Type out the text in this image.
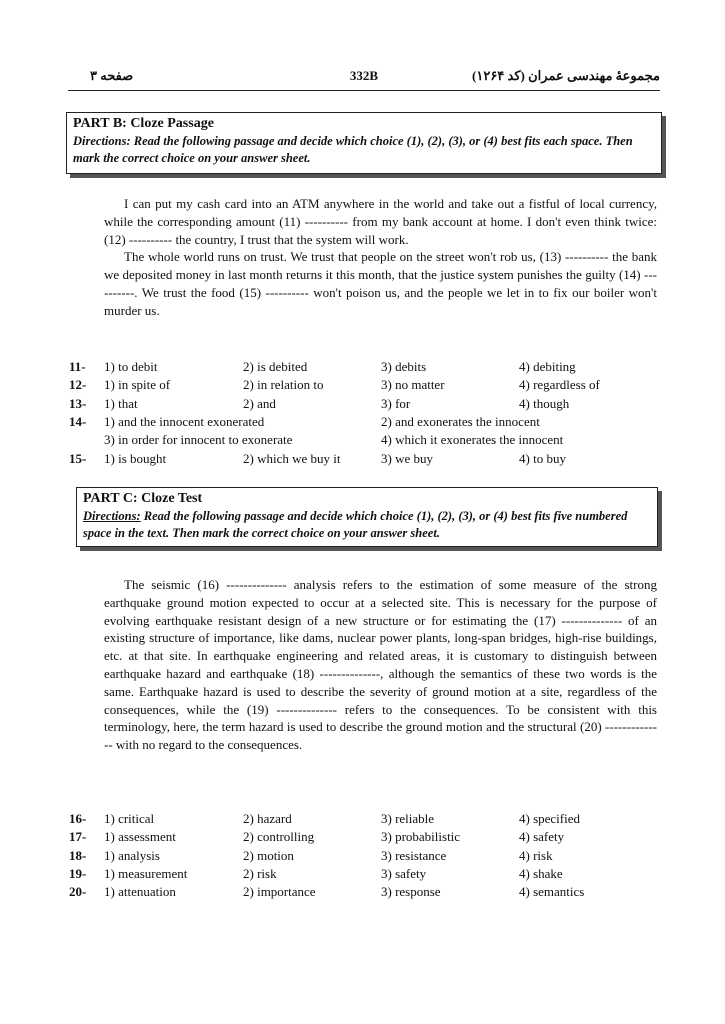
صفحه ۳	332B	مجموعهٔ مهندسی عمران (کد ۱۲۶۴)
PART B: Cloze Passage
Directions: Read the following passage and decide which choice (1), (2), (3), or (4) best fits each space. Then mark the correct choice on your answer sheet.

I can put my cash card into an ATM anywhere in the world and take out a fistful of local currency, while the corresponding amount (11) ---------- from my bank account at home. I don't even think twice: (12) ---------- the country, I trust that the system will work.

The whole world runs on trust. We trust that people on the street won't rob us, (13) ---------- the bank we deposited money in last month returns it this month, that the justice system punishes the guilty (14) ----------. We trust the food (15) ---------- won't poison us, and the people we let in to fix our boiler won't murder us.

11- 1) to debit	2) is debited	3) debits	4) debiting
12- 1) in spite of	2) in relation to	3) no matter	4) regardless of
13- 1) that	2) and	3) for	4) though
14- 1) and the innocent exonerated	2) and exonerates the innocent
3) in order for innocent to exonerate	4) which it exonerates the innocent
15- 1) is bought	2) which we buy it	3) we buy	4) to buy
PART C: Cloze Test
Directions: Read the following passage and decide which choice (1), (2), (3), or (4) best fits five numbered space in the text. Then mark the correct choice on your answer sheet.

The seismic (16) -------------- analysis refers to the estimation of some measure of the strong earthquake ground motion expected to occur at a selected site. This is necessary for the purpose of evolving earthquake resistant design of a new structure or for estimating the (17) -------------- of an existing structure of importance, like dams, nuclear power plants, long-span bridges, high-rise buildings, etc. at that site. In earthquake engineering and related areas, it is customary to distinguish between earthquake hazard and earthquake (18) --------------, although the semantics of these two words is the same. Earthquake hazard is used to describe the severity of ground motion at a site, regardless of the consequences, while the (19) -------------- refers to the consequences. To be consistent with this terminology, here, the term hazard is used to describe the ground motion and the structural (20) -------------- with no regard to the consequences.

16- 1) critical	2) hazard	3) reliable	4) specified
17- 1) assessment	2) controlling	3) probabilistic	4) safety
18- 1) analysis	2) motion	3) resistance	4) risk
19- 1) measurement	2) risk	3) safety	4) shake
20- 1) attenuation	2) importance	3) response	4) semantics
